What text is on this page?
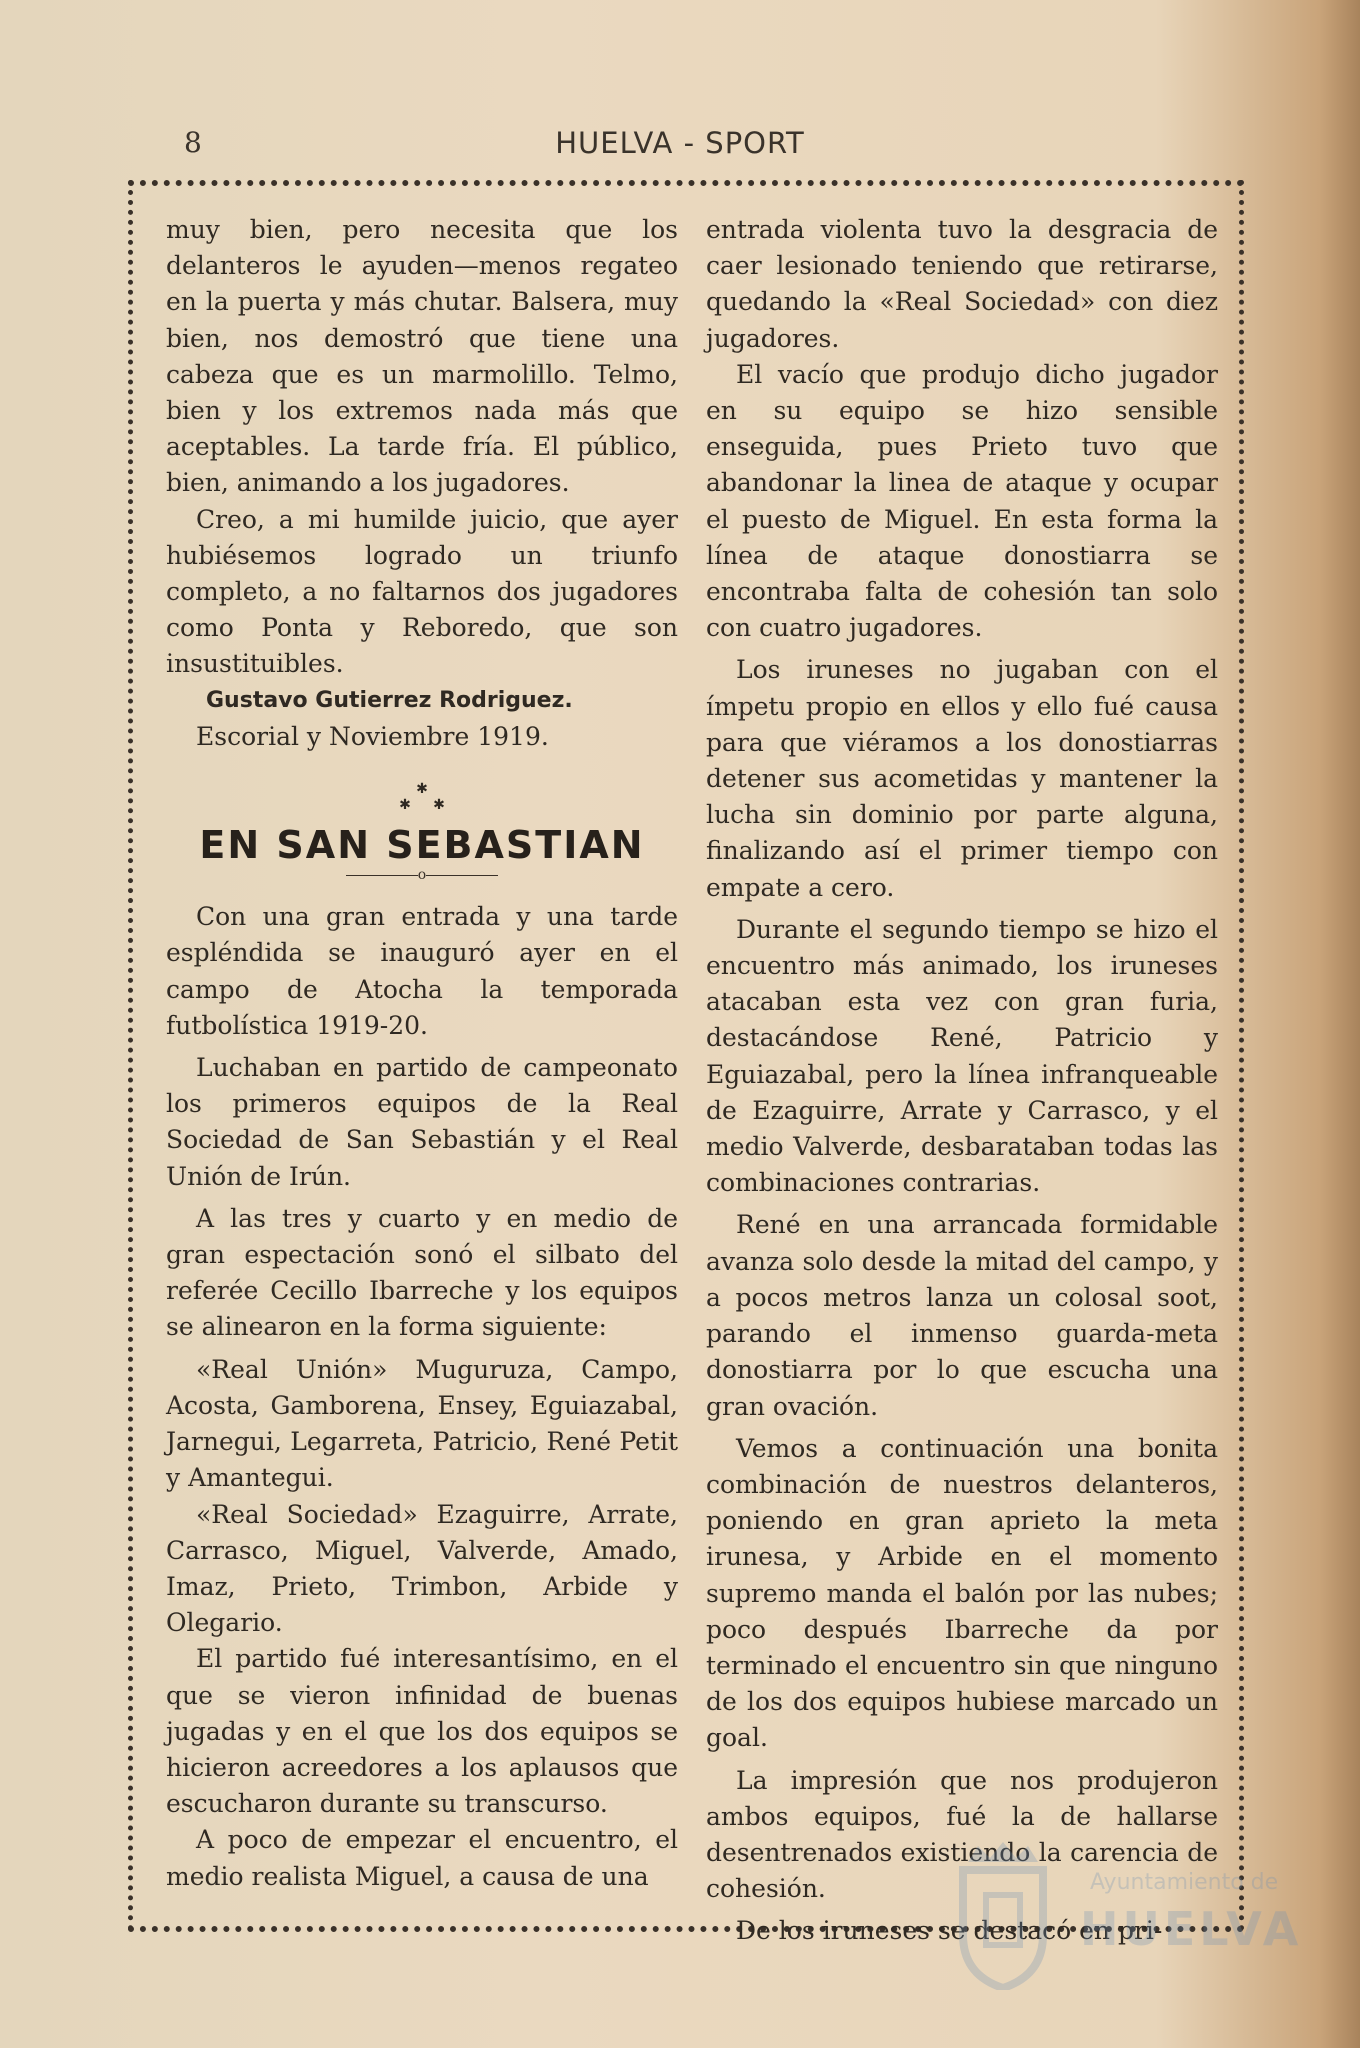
8	HUELVA - SPORT

muy bien, pero necesita que los delanteros le ayuden—menos regateo en la puerta y más chutar. Balsera, muy bien, nos demostró que tiene una cabeza que es un marmolillo. Telmo, bien y los extremos nada más que aceptables. La tarde fría. El público, bien, animando a los jugadores.

Creo, a mi humilde juicio, que ayer hubiésemos logrado un triunfo completo, a no faltarnos dos jugadores como Ponta y Reboredo, que son insustituibles.

Gustavo Gutierrez Rodriguez.

Escorial y Noviembre 1919.

✱
✱     ✱
EN SAN SEBASTIAN
o

Con una gran entrada y una tarde espléndida se inauguró ayer en el campo de Atocha la temporada futbolística 1919-20.

Luchaban en partido de campeonato los primeros equipos de la Real Sociedad de San Sebastián y el Real Unión de Irún.

A las tres y cuarto y en medio de gran espectación sonó el silbato del referée Cecillo Ibarreche y los equipos se alinearon en la forma siguiente:

«Real Unión» Muguruza, Campo, Acosta, Gamborena, Ensey, Eguiazabal, Jarnegui, Legarreta, Patricio, René Petit y Amantegui.

«Real Sociedad» Ezaguirre, Arrate, Carrasco, Miguel, Valverde, Amado, Imaz, Prieto, Trimbon, Arbide y Olegario.

El partido fué interesantísimo, en el que se vieron infinidad de buenas jugadas y en el que los dos equipos se hicieron acreedores a los aplausos que escucharon durante su transcurso.

A poco de empezar el encuentro, el medio realista Miguel, a causa de una

entrada violenta tuvo la desgracia de caer lesionado teniendo que retirarse, quedando la «Real Sociedad» con diez jugadores.

El vacío que produjo dicho jugador en su equipo se hizo sensible enseguida, pues Prieto tuvo que abandonar la linea de ataque y ocupar el puesto de Miguel. En esta forma la línea de ataque donostiarra se encontraba falta de cohesión tan solo con cuatro jugadores.

Los iruneses no jugaban con el ímpetu propio en ellos y ello fué causa para que viéramos a los donostiarras detener sus acometidas y mantener la lucha sin dominio por parte alguna, finalizando así el primer tiempo con empate a cero.

Durante el segundo tiempo se hizo el encuentro más animado, los iruneses atacaban esta vez con gran furia, destacándose René, Patricio y Eguiazabal, pero la línea infranqueable de Ezaguirre, Arrate y Carrasco, y el medio Valverde, desbarataban todas las combinaciones contrarias.

René en una arrancada formidable avanza solo desde la mitad del campo, y a pocos metros lanza un colosal soot, parando el inmenso guarda-meta donostiarra por lo que escucha una gran ovación.

Vemos a continuación una bonita combinación de nuestros delanteros, poniendo en gran aprieto la meta irunesa, y Arbide en el momento supremo manda el balón por las nubes; poco después Ibarreche da por terminado el encuentro sin que ninguno de los dos equipos hubiese marcado un goal.

La impresión que nos produjeron ambos equipos, fué la de hallarse desentrenados existiendo la carencia de cohesión.

De los iruneses se destacó en pri-

Ayuntamiento de
HUELVA
